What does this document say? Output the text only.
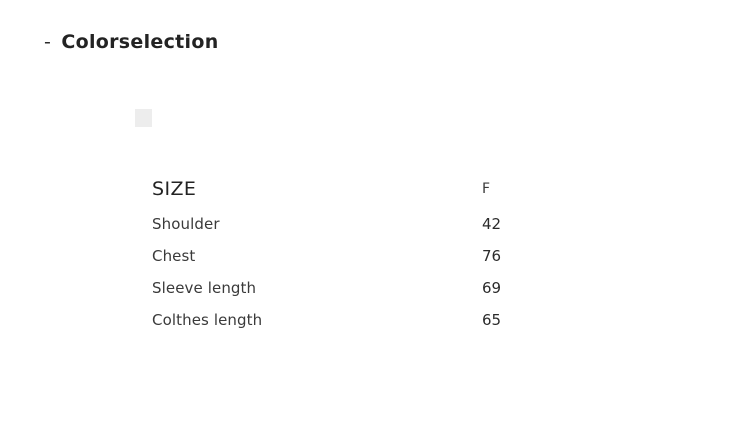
- Colorselection
SIZE	F
Shoulder	42
Chest	76
Sleeve length	69
Colthes length	65
